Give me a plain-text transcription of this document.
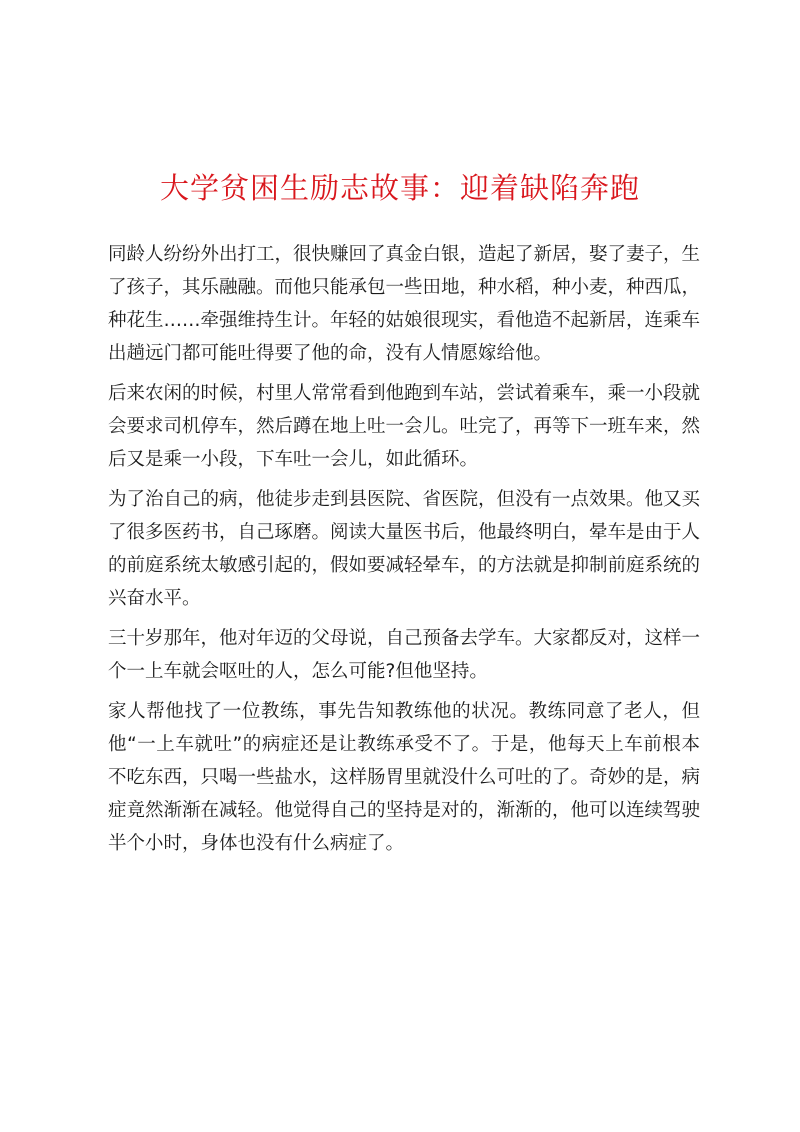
大学贫困生励志故事：迎着缺陷奔跑

同龄人纷纷外出打工，很快赚回了真金白银，造起了新居，娶了妻子，生了孩子，其乐融融。而他只能承包一些田地，种水稻，种小麦，种西瓜，种花生……牵强维持生计。年轻的姑娘很现实，看他造不起新居，连乘车出趟远门都可能吐得要了他的命，没有人情愿嫁给他。

后来农闲的时候，村里人常常看到他跑到车站，尝试着乘车，乘一小段就会要求司机停车，然后蹲在地上吐一会儿。吐完了，再等下一班车来，然后又是乘一小段，下车吐一会儿，如此循环。

为了治自己的病，他徒步走到县医院、省医院，但没有一点效果。他又买了很多医药书，自己琢磨。阅读大量医书后，他最终明白，晕车是由于人的前庭系统太敏感引起的，假如要减轻晕车，的方法就是抑制前庭系统的兴奋水平。

三十岁那年，他对年迈的父母说，自己预备去学车。大家都反对，这样一个一上车就会呕吐的人，怎么可能?但他坚持。

家人帮他找了一位教练，事先告知教练他的状况。教练同意了老人，但他“一上车就吐”的病症还是让教练承受不了。于是，他每天上车前根本不吃东西，只喝一些盐水，这样肠胃里就没什么可吐的了。奇妙的是，病症竟然渐渐在减轻。他觉得自己的坚持是对的，渐渐的，他可以连续驾驶半个小时，身体也没有什么病症了。
